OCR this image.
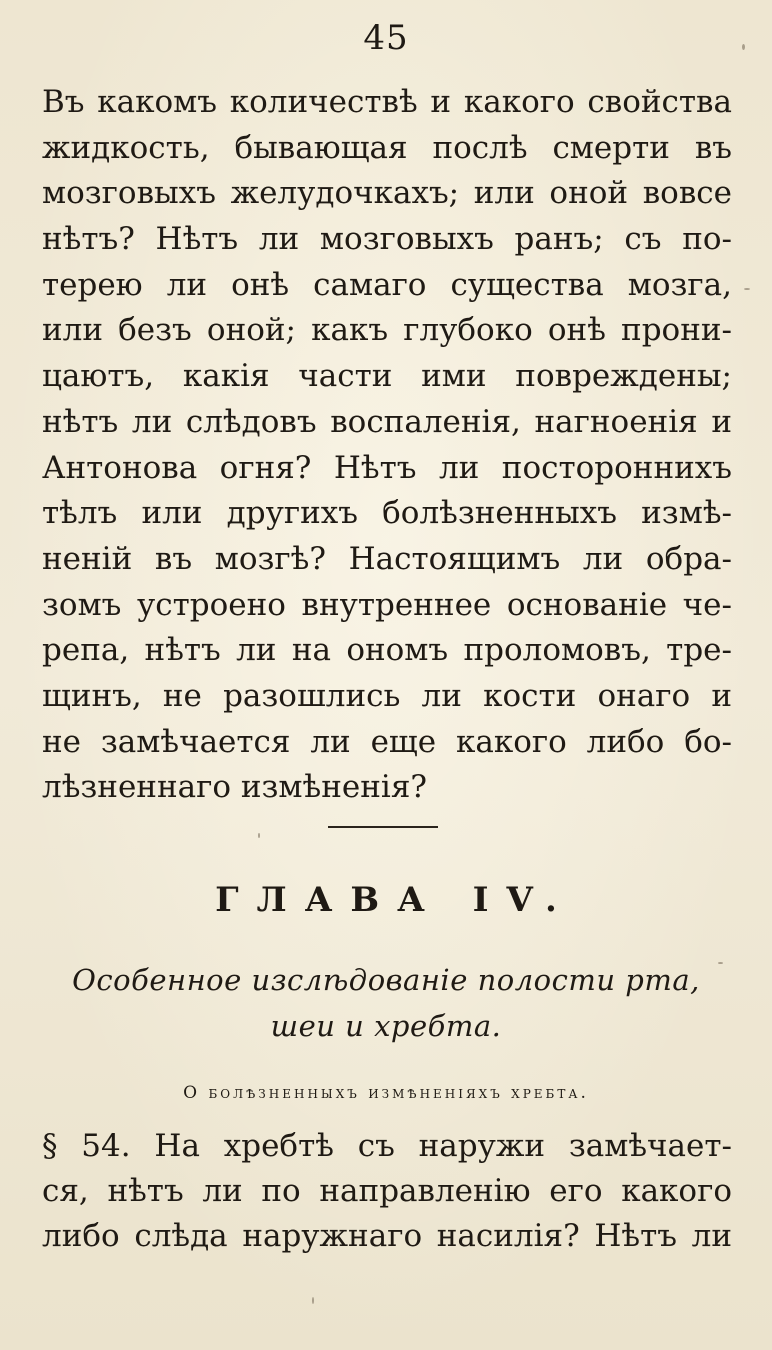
45
Въ какомъ количествѣ и какого свойства
жидкость, бывающая послѣ смерти въ
мозговыхъ желудочкахъ; или оной вовсе
нѣтъ? Нѣтъ ли мозговыхъ ранъ; съ по-
терею ли онѣ самаго существа мозга,
или безъ оной; какъ глубоко онѣ прони-
цаютъ, какія части ими повреждены;
нѣтъ ли слѣдовъ воспаленія, нагноенія и
Антонова огня? Нѣтъ ли постороннихъ
тѣлъ или другихъ болѣзненныхъ измѣ-
неній въ мозгѣ? Настоящимъ ли обра-
зомъ устроено внутреннее основаніе че-
репа, нѣтъ ли на ономъ проломовъ, тре-
щинъ, не разошлись ли кости онаго и
не замѣчается ли еще какого либо бо-
лѣзненнаго измѣненія?
ГЛАВА IV.
Особенное изслѣдованіе полости рта,
шеи и хребта.
О болѣзненныхъ измѣненіяхъ хребта.
§ 54. На хребтѣ съ наружи замѣчает-
ся, нѣтъ ли по направленію его какого
либо слѣда наружнаго насилія? Нѣтъ ли
